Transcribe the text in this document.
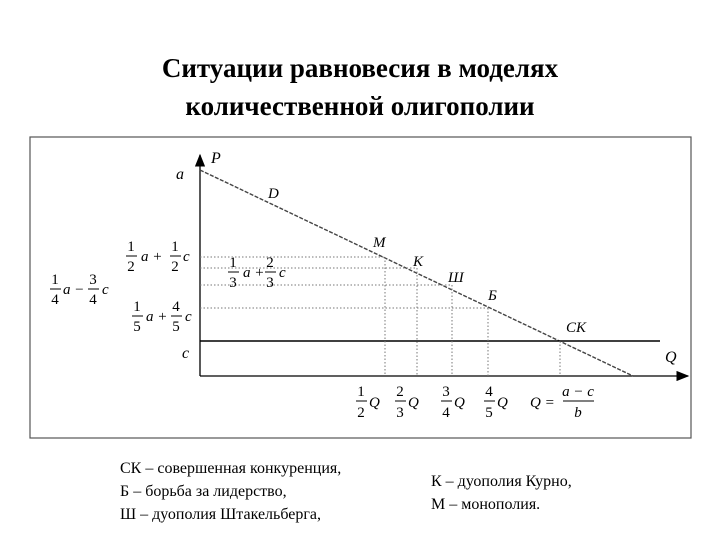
Ситуации равновесия в моделях
количественной олигополии
P
Q
D
М
К
Ш
Б
СК
a
c
1
2
a +
1
2
c	1
3
a +
2
3
c
1
4
a −
3
4
c
1
5
a +
4
5
c
1
2
Q
2
3
Q
3
4
Q
4
5
Q Q =
a − c
b
СК – совершенная конкуренция,
Б – борьба за лидерство,
Ш – дуополия Штакельберга,
К – дуополия Курно,
М – монополия.
